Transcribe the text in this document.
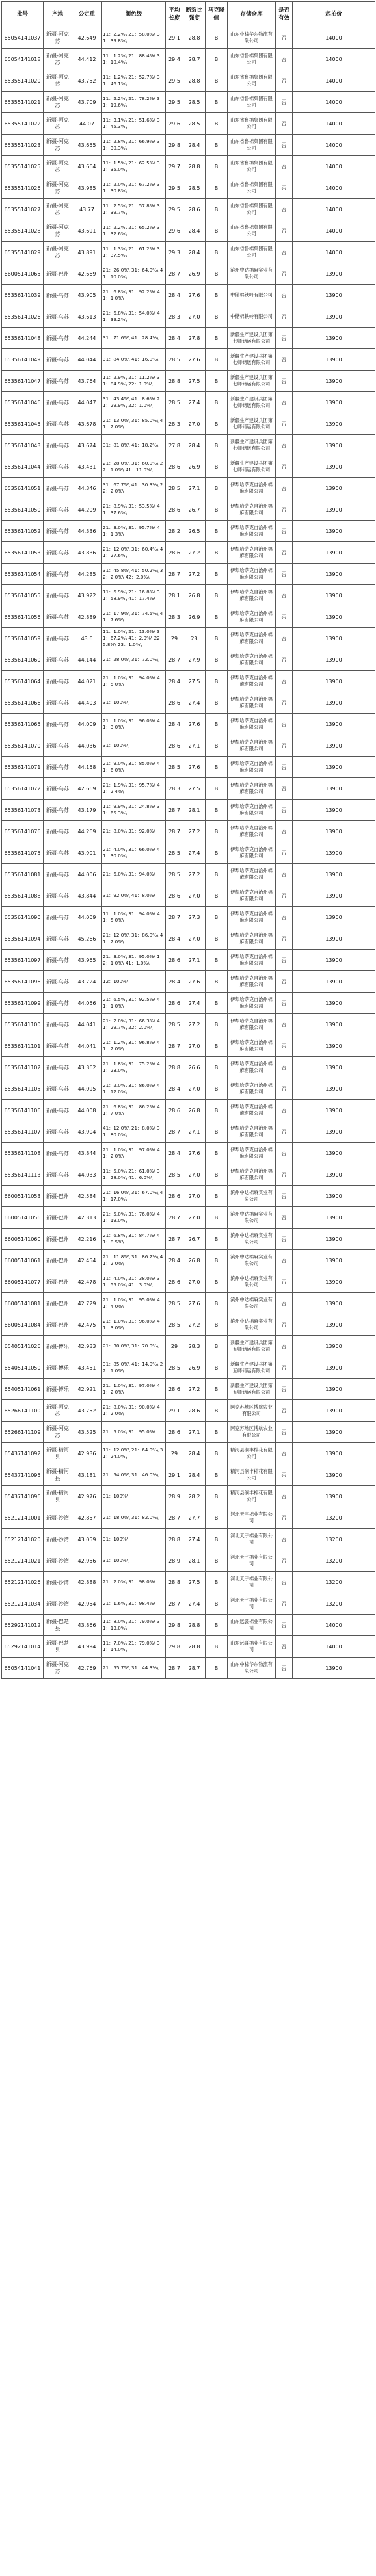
批号	产地	公定重	颜色级	平均长度	断裂比强度	马克隆值	存储仓库	是否有效	起拍价
65054141037	新疆-阿克苏	42.649	11：2.2%\ 21：58.0%\ 31：39.8%\	29.1	28.8	B	山东中棉华东物流有限公司	否	14000
65054141018	新疆-阿克苏	44.412	11：1.2%\ 21：88.4%\ 31：10.4%\	29.4	28.7	B	山东省鲁棉集团有限公司	否	14000
65355141020	新疆-阿克苏	43.752	11：1.2%\ 21：52.7%\ 31：46.1%\	29.5	28.8	B	山东省鲁棉集团有限公司	否	14000
65355141021	新疆-阿克苏	43.709	11：2.2%\ 21：78.2%\ 31：19.6%\	29.5	28.5	B	山东省鲁棉集团有限公司	否	14000
65355141022	新疆-阿克苏	44.07	11：3.1%\ 21：51.6%\ 31：45.3%\	29.6	28.5	B	山东省鲁棉集团有限公司	否	14000
65355141023	新疆-阿克苏	43.655	11：2.8%\ 21：66.9%\ 31：30.3%\	29.8	28.4	B	山东省鲁棉集团有限公司	否	14000
65355141025	新疆-阿克苏	43.664	11：1.5%\ 21：62.5%\ 31：35.0%\	29.7	28.8	B	山东省鲁棉集团有限公司	否	14000
65355141026	新疆-阿克苏	43.985	11：2.0%\ 21：67.2%\ 31：30.8%\	29.5	28.5	B	山东省鲁棉集团有限公司	否	14000
65355141027	新疆-阿克苏	43.77	11：2.5%\ 21：57.8%\ 31：39.7%\	29.5	28.6	B	山东省鲁棉集团有限公司	否	14000
65355141028	新疆-阿克苏	43.691	11：2.2%\ 21：65.2%\ 31：32.6%\	29.6	28.4	B	山东省鲁棉集团有限公司	否	14000
65355141029	新疆-阿克苏	43.891	11：1.3%\ 21：61.2%\ 31：37.5%\	29.3	28.4	B	山东省鲁棉集团有限公司	否	14000
66005141065	新疆-巴州	42.669	21：26.0%\ 31：64.0%\ 41：10.0%\	28.7	26.9	B	滨州中达棉麻实业有限公司	否	13900
65356141039	新疆-乌苏	43.905	21：6.8%\ 31：92.2%\ 41：1.0%\	28.4	27.6	B	中储棉铁岭有限公司	否	13900
65356141026	新疆-乌苏	43.613	21：6.8%\ 31：54.0%\ 41：39.2%\	28.3	27.0	B	中储棉铁岭有限公司	否	13900
65356141048	新疆-乌苏	44.244	31：71.6%\ 41：28.4%\	28.4	27.8	B	新疆生产建设兵团第七师储运有限公司	否	13900
65356141049	新疆-乌苏	44.044	31：84.0%\ 41：16.0%\	28.5	27.6	B	新疆生产建设兵团第七师储运有限公司	否	13900
65356141047	新疆-乌苏	43.764	11：2.9%\ 21：11.2%\ 31：84.9%\ 22：1.0%\	28.8	27.5	B	新疆生产建设兵团第七师储运有限公司	否	13900
65356141046	新疆-乌苏	44.047	31：43.4%\ 41：8.6%\ 21：29.9%\ 22：1.0%\	28.5	27.4	B	新疆生产建设兵团第七师储运有限公司	否	13900
65356141045	新疆-乌苏	43.678	21：13.0%\ 31：85.0%\ 41：2.0%\	28.3	27.0	B	新疆生产建设兵团第七师储运有限公司	否	13900
65356141043	新疆-乌苏	43.674	31：81.8%\ 41：18.2%\	27.8	28.4	B	新疆生产建设兵团第七师储运有限公司	否	13900
65356141044	新疆-乌苏	43.431	21：28.0%\ 31：60.0%\ 22：1.0%\ 41：11.0%\	28.6	26.9	B	新疆生产建设兵团第七师储运有限公司	否	13900
65356141051	新疆-乌苏	44.346	31：67.7%\ 41：30.3%\ 22：2.0%\	28.5	27.1	B	伊犁哈萨克自治州棉麻有限公司	否	13900
65356141050	新疆-乌苏	44.209	21：8.9%\ 31：53.5%\ 41：37.6%\	28.6	26.7	B	伊犁哈萨克自治州棉麻有限公司	否	13900
65356141052	新疆-乌苏	44.336	21：3.0%\ 31：95.7%\ 41：1.3%\	28.2	26.5	B	伊犁哈萨克自治州棉麻有限公司	否	13900
65356141053	新疆-乌苏	43.836	21：12.0%\ 31：60.4%\ 41：27.6%\	28.6	27.2	B	伊犁哈萨克自治州棉麻有限公司	否	13900
65356141054	新疆-乌苏	44.285	31：45.8%\ 41：50.2%\ 32：2.0%\ 42：2.0%\	28.7	27.2	B	伊犁哈萨克自治州棉麻有限公司	否	13900
65356141055	新疆-乌苏	43.922	11：6.9%\ 21：16.8%\ 31：58.9%\ 41：17.4%\	28.1	26.8	B	伊犁哈萨克自治州棉麻有限公司	否	13900
65356141056	新疆-乌苏	42.889	21：17.9%\ 31：74.5%\ 41：7.6%\	28.3	26.9	B	伊犁哈萨克自治州棉麻有限公司	否	13900
65356141059	新疆-乌苏	43.6	11：1.0%\ 21：13.0%\ 31：67.2%\ 41：2.0%\ 22：5.8%\ 23：1.0%\	29	28	B	伊犁哈萨克自治州棉麻有限公司	否	13900
65356141060	新疆-乌苏	44.144	21：28.0%\ 31：72.0%\	28.7	27.9	B	伊犁哈萨克自治州棉麻有限公司	否	13900
65356141064	新疆-乌苏	44.021	21：1.0%\ 31：94.0%\ 41：5.0%\	28.4	27.5	B	伊犁哈萨克自治州棉麻有限公司	否	13900
65356141066	新疆-乌苏	44.403	31：100%\	28.6	27.4	B	伊犁哈萨克自治州棉麻有限公司	否	13900
65356141065	新疆-乌苏	44.009	21：1.0%\ 31：96.0%\ 41：3.0%\	28.4	27.6	B	伊犁哈萨克自治州棉麻有限公司	否	13900
65356141070	新疆-乌苏	44.036	31：100%\	28.6	27.1	B	伊犁哈萨克自治州棉麻有限公司	否	13900
65356141071	新疆-乌苏	44.158	21：9.0%\ 31：85.0%\ 41：6.0%\	28.5	27.6	B	伊犁哈萨克自治州棉麻有限公司	否	13900
65356141072	新疆-乌苏	42.669	21：1.9%\ 31：95.7%\ 41：2.4%\	28.3	27.5	B	伊犁哈萨克自治州棉麻有限公司	否	13900
65356141073	新疆-乌苏	43.179	11：9.9%\ 21：24.8%\ 31：65.3%\	28.7	28.1	B	伊犁哈萨克自治州棉麻有限公司	否	13900
65356141076	新疆-乌苏	44.269	21：8.0%\ 31：92.0%\	28.7	27.2	B	伊犁哈萨克自治州棉麻有限公司	否	13900
65356141075	新疆-乌苏	43.901	21：4.0%\ 31：66.0%\ 41：30.0%\	28.5	27.4	B	伊犁哈萨克自治州棉麻有限公司	否	13900
65356141081	新疆-乌苏	44.006	21：6.0%\ 31：94.0%\	28.5	27.2	B	伊犁哈萨克自治州棉麻有限公司	否	13900
65356141088	新疆-乌苏	43.844	31：92.0%\ 41：8.0%\	28.6	27.0	B	伊犁哈萨克自治州棉麻有限公司	否	13900
65356141090	新疆-乌苏	44.009	11：1.0%\ 31：94.0%\ 41：5.0%\	28.7	27.3	B	伊犁哈萨克自治州棉麻有限公司	否	13900
65356141094	新疆-乌苏	45.266	21：12.0%\ 31：86.0%\ 41：2.0%\	28.4	27.0	B	伊犁哈萨克自治州棉麻有限公司	否	13900
65356141097	新疆-乌苏	43.965	21：3.0%\ 31：95.0%\ 12：1.0%\ 41：1.0%\	28.6	27.1	B	伊犁哈萨克自治州棉麻有限公司	否	13900
65356141096	新疆-乌苏	43.724	12：100%\	28.4	27.6	B	伊犁哈萨克自治州棉麻有限公司	否	13900
65356141099	新疆-乌苏	44.056	21：6.5%\ 31：92.5%\ 41：1.0%\	28.6	27.4	B	伊犁哈萨克自治州棉麻有限公司	否	13900
65356141100	新疆-乌苏	44.041	21：2.0%\ 31：66.3%\ 41：29.7%\ 22：2.0%\	28.5	27.2	B	伊犁哈萨克自治州棉麻有限公司	否	13900
65356141101	新疆-乌苏	44.041	21：1.2%\ 31：96.8%\ 41：2.0%\	28.7	27.0	B	伊犁哈萨克自治州棉麻有限公司	否	13900
65356141102	新疆-乌苏	43.362	21：1.8%\ 31：75.2%\ 41：23.0%\	28.8	26.6	B	伊犁哈萨克自治州棉麻有限公司	否	13900
65356141105	新疆-乌苏	44.095	21：2.0%\ 31：86.0%\ 41：12.0%\	28.4	27.0	B	伊犁哈萨克自治州棉麻有限公司	否	13900
65356141106	新疆-乌苏	44.008	21：6.8%\ 31：86.2%\ 41：7.0%\	28.6	26.8	B	伊犁哈萨克自治州棉麻有限公司	否	13900
65356141107	新疆-乌苏	43.904	41：12.0%\ 21：8.0%\ 31：80.0%\	28.7	27.1	B	伊犁哈萨克自治州棉麻有限公司	否	13900
65356141108	新疆-乌苏	43.844	21：1.0%\ 31：97.0%\ 41：2.0%\	28.4	27.6	B	伊犁哈萨克自治州棉麻有限公司	否	13900
65356141113	新疆-乌苏	44.033	11：5.0%\ 21：61.0%\ 31：28.0%\ 41：6.0%\	28.5	27.0	B	伊犁哈萨克自治州棉麻有限公司	否	13900
66005141053	新疆-巴州	42.584	21：16.0%\ 31：67.0%\ 41：17.0%\	28.6	27.0	B	滨州中达棉麻实业有限公司	否	13900
66005141056	新疆-巴州	42.313	21：5.0%\ 31：76.0%\ 41：19.0%\	28.7	27.0	B	滨州中达棉麻实业有限公司	否	13900
66005141060	新疆-巴州	42.216	21：6.8%\ 31：84.7%\ 41：8.5%\	28.7	26.7	B	滨州中达棉麻实业有限公司	否	13900
66005141061	新疆-巴州	42.454	21：11.8%\ 31：86.2%\ 41：2.0%\	28.4	26.8	B	滨州中达棉麻实业有限公司	否	13900
66005141077	新疆-巴州	42.478	11：4.0%\ 21：38.0%\ 31：55.0%\ 41：3.0%\	28.6	27.0	B	滨州中达棉麻实业有限公司	否	13900
66005141081	新疆-巴州	42.729	21：1.0%\ 31：95.0%\ 41：4.0%\	28.5	27.6	B	滨州中达棉麻实业有限公司	否	13900
66005141084	新疆-巴州	42.475	21：1.0%\ 31：96.0%\ 41：3.0%\	28.5	27.2	B	滨州中达棉麻实业有限公司	否	13900
65405141026	新疆-博乐	42.933	21：30.0%\ 31：70.0%\	29	28.3	B	新疆生产建设兵团第五师储运有限公司	否	13900
65405141050	新疆-博乐	43.451	31：85.0%\ 41：14.0%\ 22：1.0%\	28.5	26.9	B	新疆生产建设兵团第五师储运有限公司	否	13900
65405141061	新疆-博乐	42.921	21：1.0%\ 31：97.0%\ 41：2.0%\	28.6	27.2	B	新疆生产建设兵团第五师储运有限公司	否	13900
65266141100	新疆-阿克苏	43.752	21：8.0%\ 31：90.0%\ 41：2.0%\	29.1	28.6	B	阿克苏地区博航农业有限公司	否	13900
65266141109	新疆-阿克苏	43.525	21：5.0%\ 31：95.0%\	28.6	27.1	B	阿克苏地区博航农业有限公司	否	13900
65437141092	新疆-精河县	42.936	11：12.0%\ 21：64.0%\ 31：24.0%\	29	28.4	B	精河县润丰棉花有限公司	否	13900
65437141095	新疆-精河县	43.181	21：54.0%\ 31：46.0%\	29.1	28.4	B	精河县润丰棉花有限公司	否	13900
65437141096	新疆-精河县	42.976	31：100%\	28.9	28.2	B	精河县润丰棉花有限公司	否	13900
65212141001	新疆-沙湾	42.857	21：18.0%\ 31：82.0%\	28.7	27.7	B	河北天宇棉业有限公司	否	13200
65212141020	新疆-沙湾	43.059	31：100%\	28.8	27.4	B	河北天宇棉业有限公司	否	13200
65212141021	新疆-沙湾	42.956	31：100%\	28.9	28.1	B	河北天宇棉业有限公司	否	13200
65212141026	新疆-沙湾	42.888	21：2.0%\ 31：98.0%\	28.8	27.5	B	河北天宇棉业有限公司	否	13200
65212141034	新疆-沙湾	42.954	21：1.6%\ 31：98.4%\	28.7	27.4	B	河北天宇棉业有限公司	否	13200
65292141012	新疆-巴楚县	43.866	11：8.0%\ 21：79.0%\ 31：13.0%\	29.8	28.8	B	山东远疆棉业有限公司	否	14000
65292141014	新疆-巴楚县	43.994	11：7.0%\ 21：79.0%\ 31：14.0%\	29.8	28.8	B	山东远疆棉业有限公司	否	14000
65054141041	新疆-阿克苏	42.769	21：55.7%\ 31：44.3%\	28.7	28.7	B	山东中棉华东物流有限公司	否	13900
